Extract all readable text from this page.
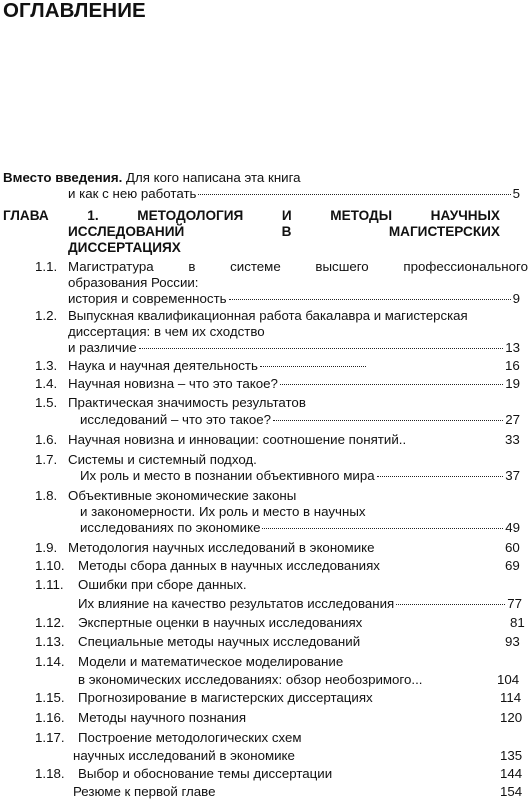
ОГЛАВЛЕНИЕ
Вместо введения. Для кого написана эта книга
и как с нею работать	5
ГЛАВА	1.	МЕТОДОЛОГИЯ	И	МЕТОДЫ	НАУЧНЫХ
ИССЛЕДОВАНИЙ	В	МАГИСТЕРСКИХ
ДИССЕРТАЦИЯХ
1.1. Магистратура	в	системе	высшего	профессионального
образования России:
история и современность	9
1.2. Выпускная квалификационная работа бакалавра и магистерская
диссертация: в чем их сходство
и различие	13
1.3. Наука и научная деятельность	16
1.4. Научная новизна – что это такое?	19
1.5. Практическая значимость результатов
исследований – что это такое?	27
1.6. Научная новизна и инновации: соотношение понятий..	33
1.7. Системы и системный подход.
Их роль и место в познании объективного мира	37
1.8. Объективные экономические законы
и закономерности. Их роль и место в научных
исследованиях по экономике	49
1.9. Методология научных исследований в экономике	60
1.10. Методы сбора данных в научных исследованиях	69
1.11. Ошибки при сборе данных.
Их влияние на качество результатов исследования	77
1.12. Экспертные оценки в научных исследованиях	81
1.13. Специальные методы научных исследований	93
1.14. Модели и математическое моделирование
в экономических исследованиях: обзор необозримого...	104
1.15. Прогнозирование в магистерских диссертациях	114
1.16. Методы научного познания	120
1.17. Построение методологических схем
научных исследований в экономике	135
1.18. Выбор и обоснование темы диссертации	144
Резюме к первой главе	154
